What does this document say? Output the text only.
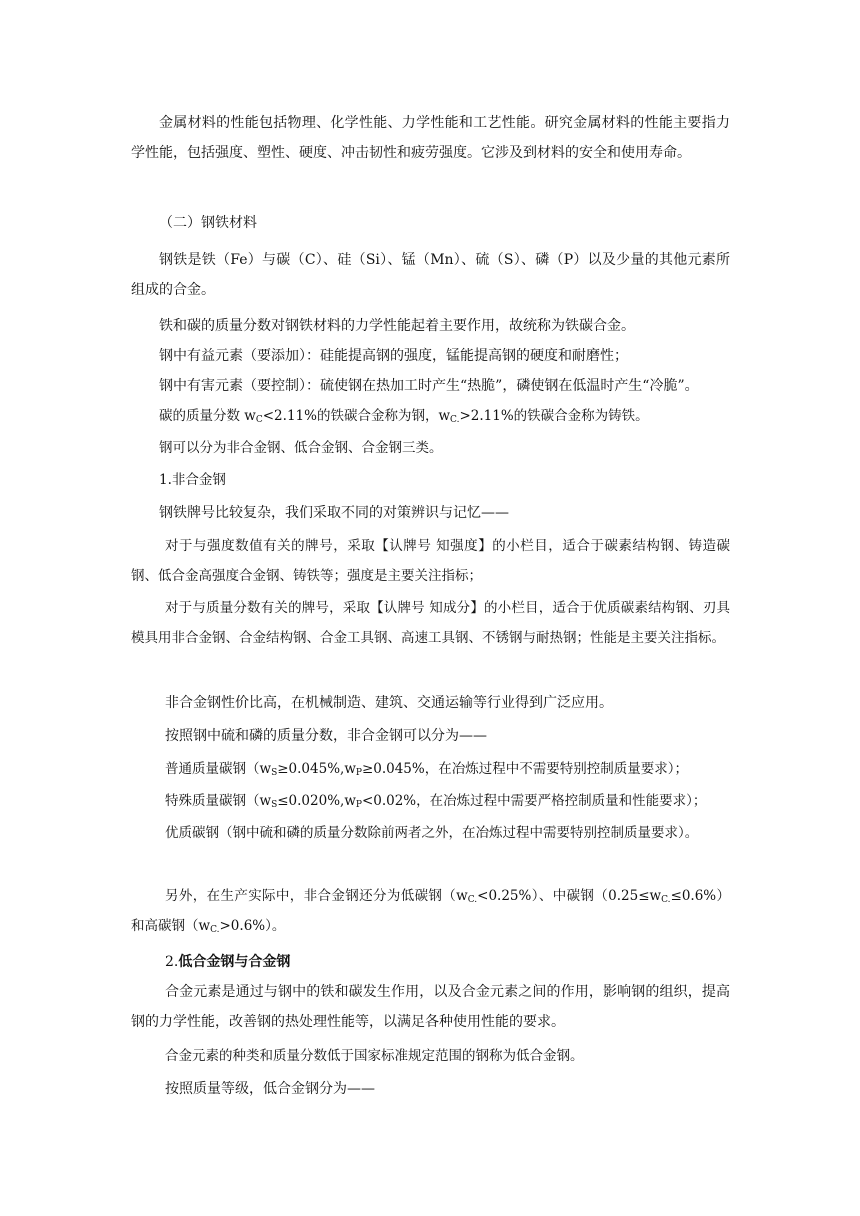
金属材料的性能包括物理、化学性能、力学性能和工艺性能。研究金属材料的性能主要指力学性能，包括强度、塑性、硬度、冲击韧性和疲劳强度。它涉及到材料的安全和使用寿命。

（二）钢铁材料

钢铁是铁（Fe）与碳（C）、硅（Si）、锰（Mn）、硫（S）、磷（P）以及少量的其他元素所组成的合金。

铁和碳的质量分数对钢铁材料的力学性能起着主要作用，故统称为铁碳合金。

钢中有益元素（要添加）：硅能提高钢的强度，锰能提高钢的硬度和耐磨性；

钢中有害元素（要控制）：硫使钢在热加工时产生“热脆”，磷使钢在低温时产生“冷脆”。

碳的质量分数 $w_C<2.11\%$的铁碳合金称为钢，$w_{C.}>2.11\%$的铁碳合金称为铸铁。

钢可以分为非合金钢、低合金钢、合金钢三类。

1.非合金钢

钢铁牌号比较复杂，我们采取不同的对策辨识与记忆——

对于与强度数值有关的牌号，采取【认牌号 知强度】的小栏目，适合于碳素结构钢、铸造碳钢、低合金高强度合金钢、铸铁等；强度是主要关注指标；

对于与质量分数有关的牌号，采取【认牌号 知成分】的小栏目，适合于优质碳素结构钢、刃具模具用非合金钢、合金结构钢、合金工具钢、高速工具钢、不锈钢与耐热钢；性能是主要关注指标。

非合金钢性价比高，在机械制造、建筑、交通运输等行业得到广泛应用。

按照钢中硫和磷的质量分数，非合金钢可以分为——

普通质量碳钢（$w_S\ge 0.045\%,w_P\ge 0.045\%$，在冶炼过程中不需要特别控制质量要求）；

特殊质量碳钢（$w_S\le 0.020\%,w_P<0.02\%$，在冶炼过程中需要严格控制质量和性能要求）；

优质碳钢（钢中硫和磷的质量分数除前两者之外，在冶炼过程中需要特别控制质量要求）。

另外，在生产实际中，非合金钢还分为低碳钢$(w_{C.}<0.25\%)$、中碳钢$(0.25\le w_{C.}\le 0.6\%)$和高碳钢$(w_{C.}>0.6\%)$。

2.低合金钢与合金钢

合金元素是通过与钢中的铁和碳发生作用，以及合金元素之间的作用，影响钢的组织，提高钢的力学性能，改善钢的热处理性能等，以满足各种使用性能的要求。

合金元素的种类和质量分数低于国家标准规定范围的钢称为低合金钢。

按照质量等级，低合金钢分为——
